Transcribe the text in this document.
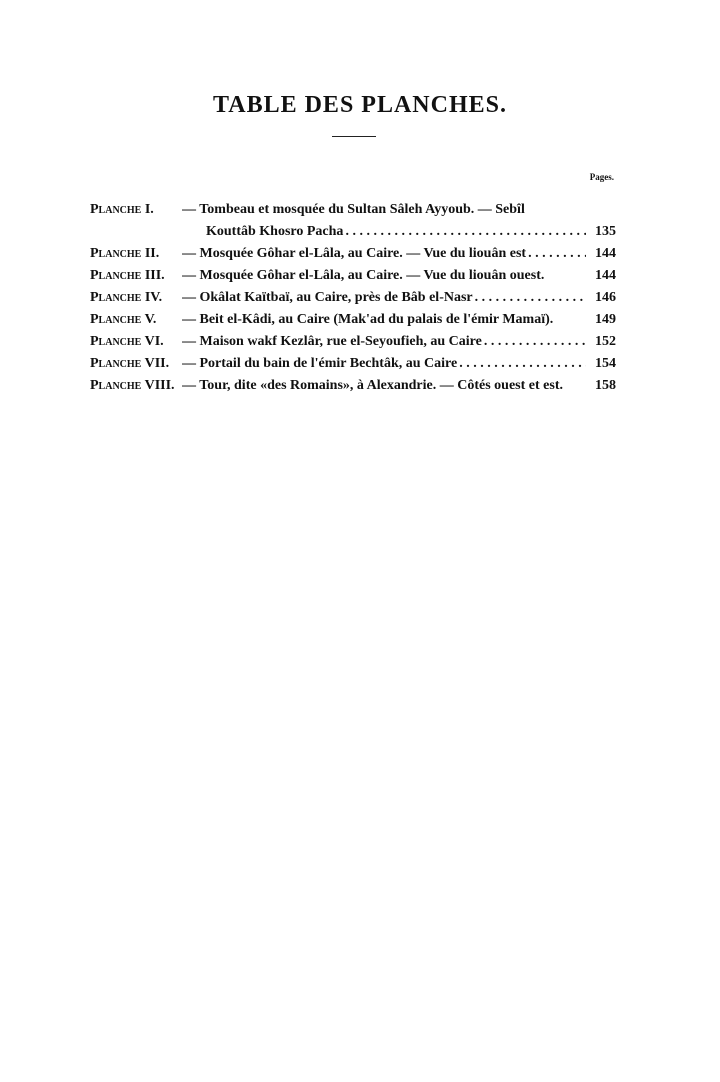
TABLE DES PLANCHES.
Pages.
Planche I.	— Tombeau et mosquée du Sultan Sâleh Ayyoub. — Sebîl
Kouttâb Khosro Pacha . . .	135
Planche II.	— Mosquée Gôhar el-Lâla, au Caire. — Vue du liouân est . . .	144
Planche III.	— Mosquée Gôhar el-Lâla, au Caire. — Vue du liouân ouest.	144
Planche IV.	— Okâlat Kaïtbaï, au Caire, près de Bâb el-Nasr . . .	146
Planche V.	— Beit el-Kâdi, au Caire (Mak'ad du palais de l'émir Mamaï).	149
Planche VI.	— Maison wakf Kezlâr, rue el-Seyoufieh, au Caire . . .	152
Planche VII. — Portail du bain de l'émir Bechtâk, au Caire . . .	154
Planche VIII. — Tour, dite «des Romains», à Alexandrie. — Côtés ouest et est.	158
